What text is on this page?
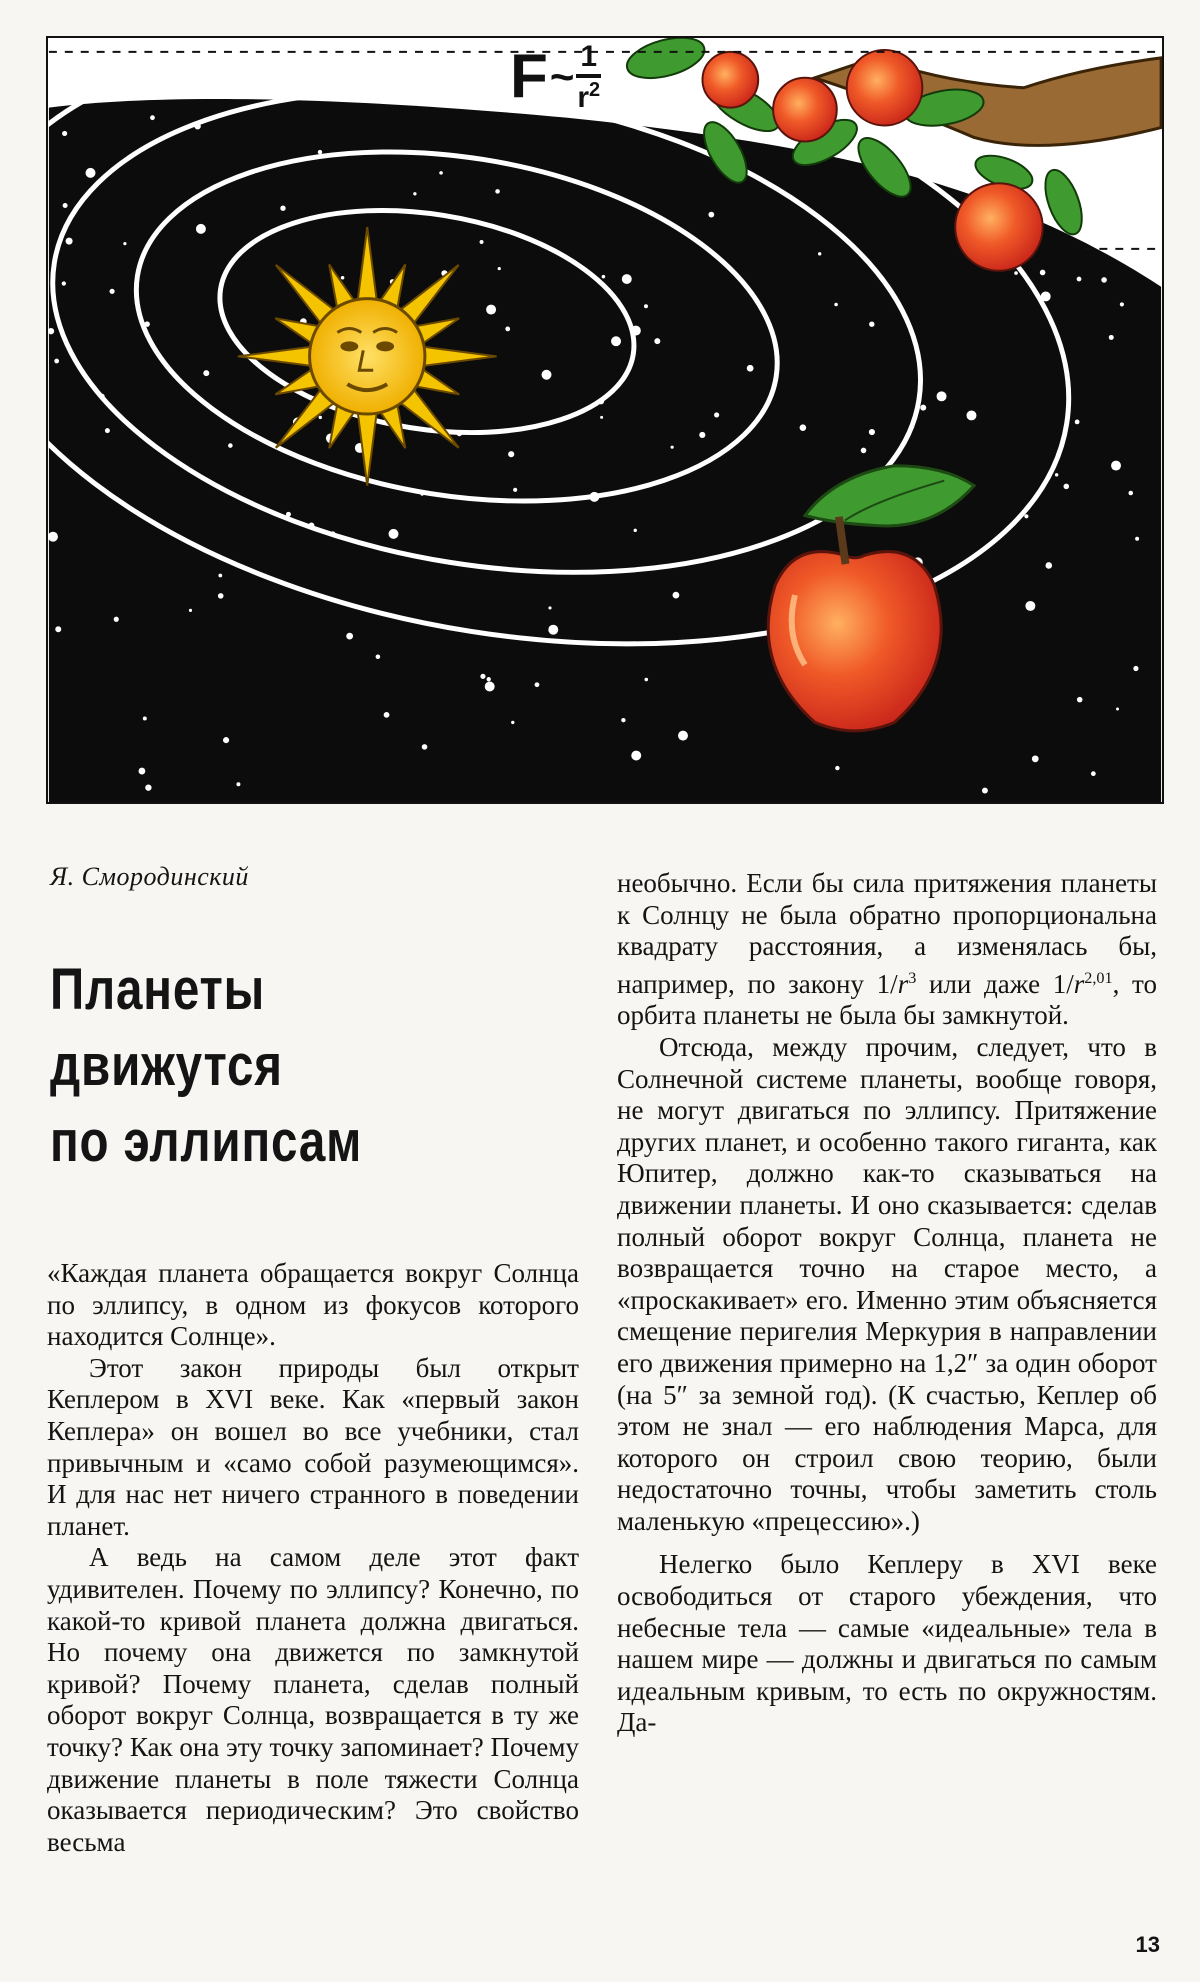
F ~ $\frac{1}{r^2}$
Я. Смородинский
Планеты
движутся
по эллипсам

«Каждая планета обращается вокруг Солнца по эллипсу, в одном из фокусов которого находится Солнце».

Этот закон природы был открыт Кеплером в XVI веке. Как «первый закон Кеплера» он вошел во все учебники, стал привычным и «само собой разумеющимся». И для нас нет ничего странного в поведении планет.

А ведь на самом деле этот факт удивителен. Почему по эллипсу? Конечно, по какой-то кривой планета должна двигаться. Но почему она движется по замкнутой кривой? Почему планета, сделав полный оборот вокруг Солнца, возвращается в ту же точку? Как она эту точку запоминает? Почему движение планеты в поле тяжести Солнца оказывается периодическим? Это свойство весьма

необычно. Если бы сила притяжения планеты к Солнцу не была обратно пропорциональна квадрату расстояния, а изменялась бы, например, по закону $1/r^3$ или даже $1/r^{2,01}$, то орбита планеты не была бы замкнутой.

Отсюда, между прочим, следует, что в Солнечной системе планеты, вообще говоря, не могут двигаться по эллипсу. Притяжение других планет, и особенно такого гиганта, как Юпитер, должно как-то сказываться на движении планеты. И оно сказывается: сделав полный оборот вокруг Солнца, планета не возвращается точно на старое место, а «проскакивает» его. Именно этим объясняется смещение перигелия Меркурия в направлении его движения примерно на 1,2″ за один оборот (на 5″ за земной год). (К счастью, Кеплер об этом не знал — его наблюдения Марса, для которого он строил свою теорию, были недостаточно точны, чтобы заметить столь маленькую «прецессию».)

Нелегко было Кеплеру в XVI веке освободиться от старого убеждения, что небесные тела — самые «идеальные» тела в нашем мире — должны и двигаться по самым идеальным кривым, то есть по окружностям. Да-

13
